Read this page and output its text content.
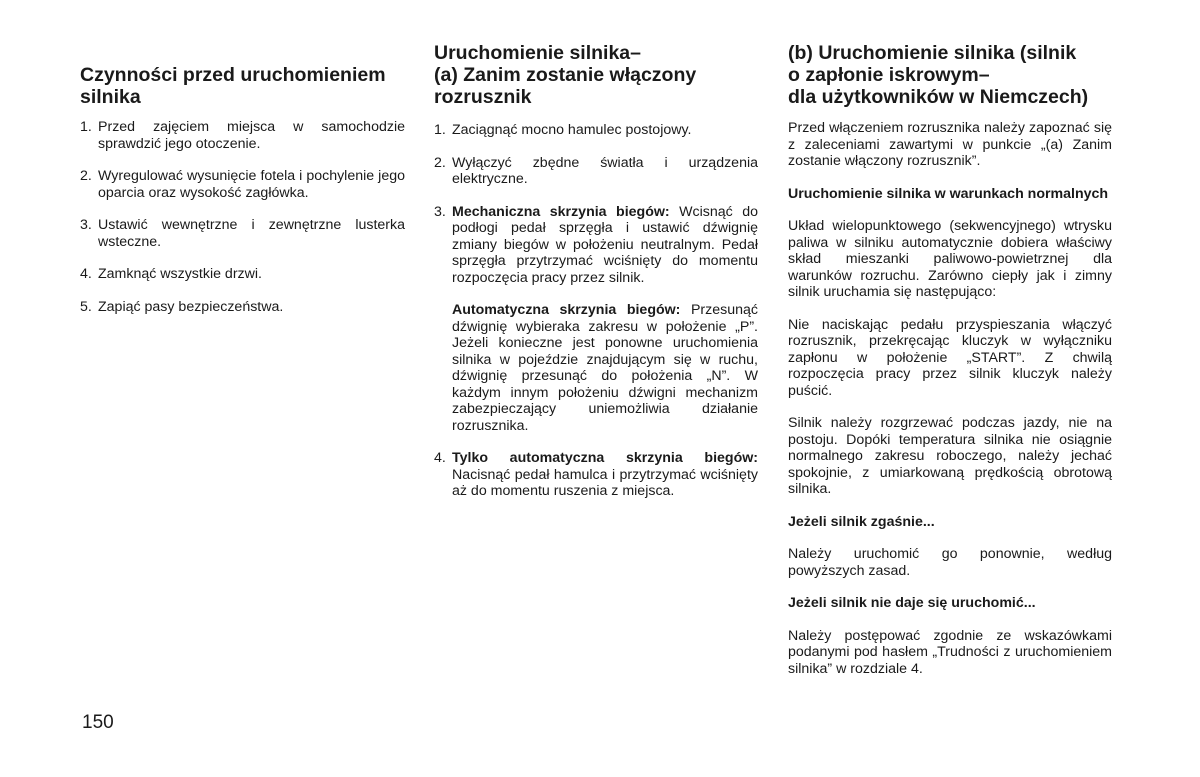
Czynności przed uruchomieniem
silnika
1. Przed zajęciem miejsca w samochodzie sprawdzić jego otoczenie.
2. Wyregulować wysunięcie fotela i pochylenie jego oparcia oraz wysokość zagłówka.
3. Ustawić wewnętrzne i zewnętrzne lusterka wsteczne.
4. Zamknąć wszystkie drzwi.
5. Zapiąć pasy bezpieczeństwa.
Uruchomienie silnika–
(a) Zanim zostanie włączony
rozrusznik
1. Zaciągnąć mocno hamulec postojowy.
2. Wyłączyć zbędne światła i urządzenia elektryczne.
3. Mechaniczna skrzynia biegów: Wcisnąć do podłogi pedał sprzęgła i ustawić dźwignię zmiany biegów w położeniu neutralnym. Pedał sprzęgła przytrzymać wciśnięty do momentu rozpoczęcia pracy przez silnik.

Automatyczna skrzynia biegów: Przesunąć dźwignię wybieraka zakresu w położenie „P”. Jeżeli konieczne jest ponowne uruchomienia silnika w pojeździe znajdującym się w ruchu, dźwignię przesunąć do położenia „N”. W każdym innym położeniu dźwigni mechanizm zabezpieczający uniemożliwia działanie rozrusznika.

4. Tylko automatyczna skrzynia biegów: Nacisnąć pedał hamulca i przytrzymać wciśnięty aż do momentu ruszenia z miejsca.
(b) Uruchomienie silnika (silnik
o zapłonie iskrowym–
dla użytkowników w Niemczech)

Przed włączeniem rozrusznika należy zapoznać się z zaleceniami zawartymi w punkcie „(a) Zanim zostanie włączony rozrusznik”.

Uruchomienie silnika w warunkach normalnych

Układ wielopunktowego (sekwencyjnego) wtrysku paliwa w silniku automatycznie dobiera właściwy skład mieszanki paliwowo-powietrznej dla warunków rozruchu. Zarówno ciepły jak i zimny silnik uruchamia się następująco:

Nie naciskając pedału przyspieszania włączyć rozrusznik, przekręcając kluczyk w wyłączniku zapłonu w położenie „START”. Z chwilą rozpoczęcia pracy przez silnik kluczyk należy puścić.

Silnik należy rozgrzewać podczas jazdy, nie na postoju. Dopóki temperatura silnika nie osiągnie normalnego zakresu roboczego, należy jechać spokojnie, z umiarkowaną prędkością obrotową silnika.

Jeżeli silnik zgaśnie...

Należy uruchomić go ponownie, według powyższych zasad.

Jeżeli silnik nie daje się uruchomić...

Należy postępować zgodnie ze wskazówkami podanymi pod hasłem „Trudności z uruchomieniem silnika” w rozdziale 4.

150
